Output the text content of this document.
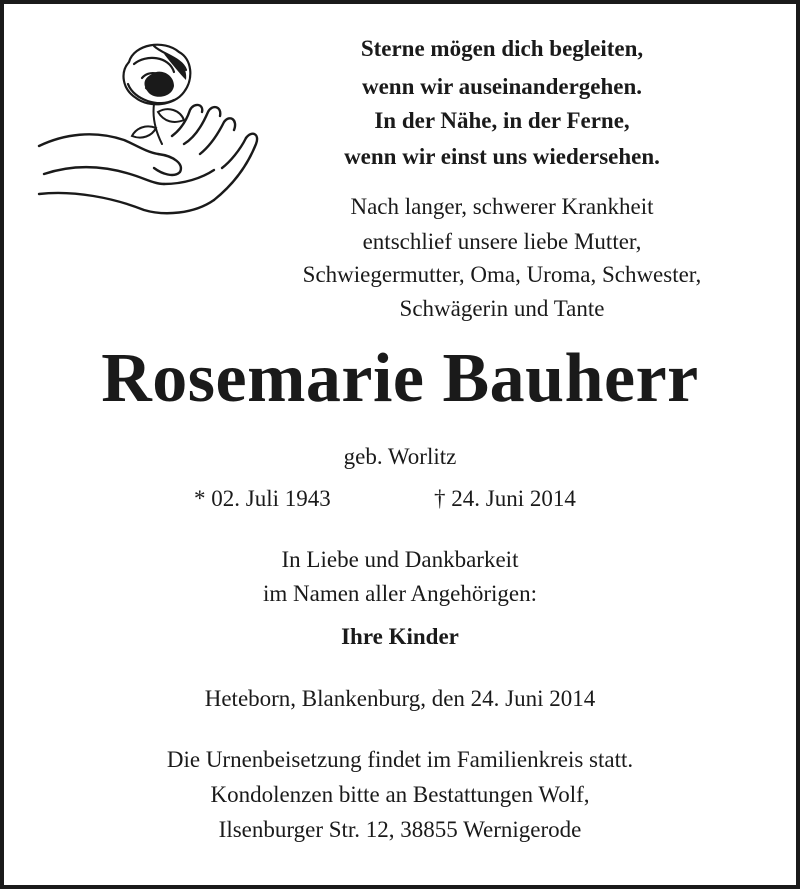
Sterne mögen dich begleiten,
wenn wir auseinandergehen.
In der Nähe, in der Ferne,
wenn wir einst uns wiedersehen.
Nach langer, schwerer Krankheit
entschlief unsere liebe Mutter,
Schwiegermutter, Oma, Uroma, Schwester,
Schwägerin und Tante
Rosemarie Bauherr
geb. Worlitz
* 02. Juli 1943	† 24. Juni 2014
In Liebe und Dankbarkeit
im Namen aller Angehörigen:
Ihre Kinder
Heteborn, Blankenburg, den 24. Juni 2014
Die Urnenbeisetzung findet im Familienkreis statt.
Kondolenzen bitte an Bestattungen Wolf,
Ilsenburger Str. 12, 38855 Wernigerode
